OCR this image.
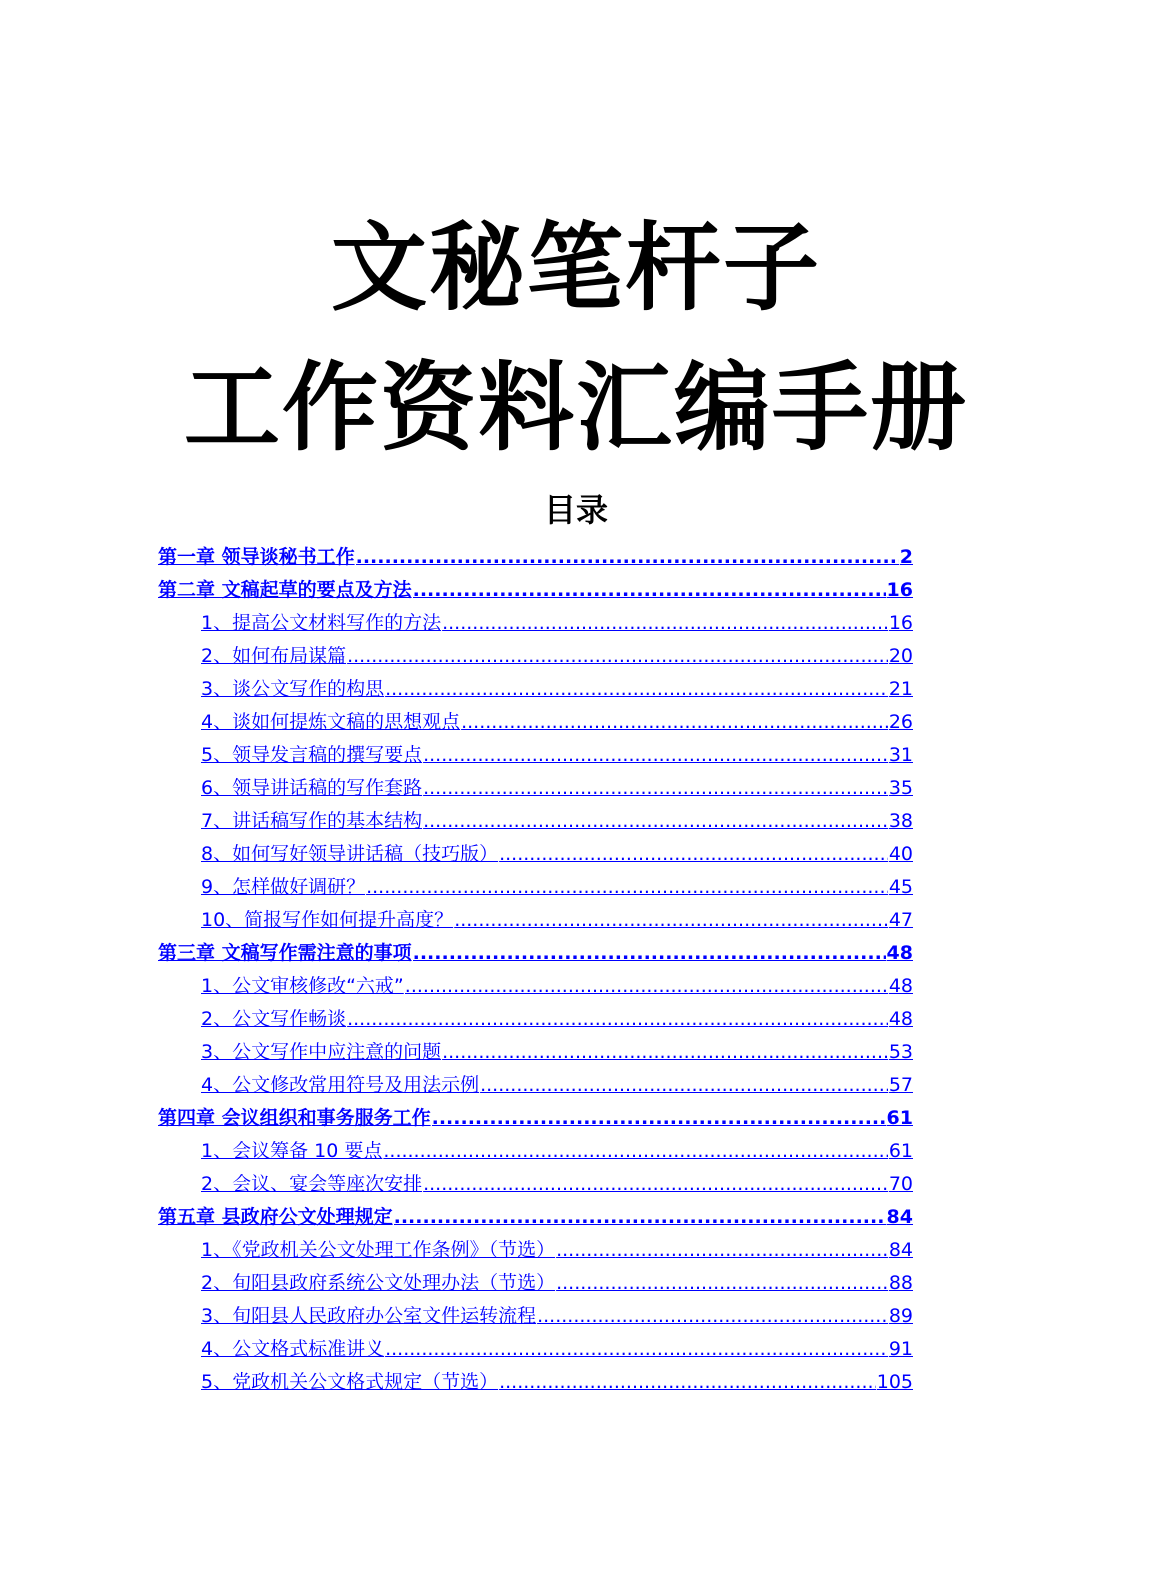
文秘笔杆子
工作资料汇编手册
目录
第一章 领导谈秘书工作 .....	2
第二章 文稿起草的要点及方法 .....	16
1、提高公文材料写作的方法 .....	16
2、如何布局谋篇 .....	20
3、谈公文写作的构思 .....	21
4、谈如何提炼文稿的思想观点 .....	26
5、领导发言稿的撰写要点 .....	31
6、领导讲话稿的写作套路 .....	35
7、讲话稿写作的基本结构 .....	38
8、如何写好领导讲话稿（技巧版） .....	40
9、怎样做好调研？ .....	45
10、简报写作如何提升高度？ .....	47
第三章 文稿写作需注意的事项 .....	48
1、公文审核修改“六戒” .....	48
2、公文写作畅谈 .....	48
3、公文写作中应注意的问题 .....	53
4、公文修改常用符号及用法示例 .....	57
第四章 会议组织和事务服务工作 .....	61
1、会议筹备 10 要点 .....	61
2、会议、宴会等座次安排 .....	70
第五章 县政府公文处理规定 .....	84
1、《党政机关公文处理工作条例》（节选） .....	84
2、旬阳县政府系统公文处理办法（节选） .....	88
3、旬阳县人民政府办公室文件运转流程 .....	89
4、公文格式标准讲义 .....	91
5、党政机关公文格式规定（节选） .....	105
